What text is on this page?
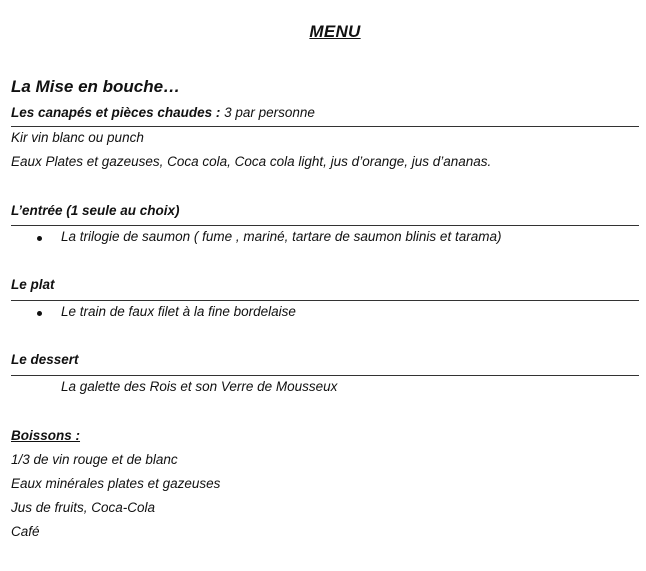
MENU
La Mise en bouche…
Les canapés et pièces chaudes : 3 par personne
Kir vin blanc ou punch
Eaux Plates et gazeuses, Coca cola, Coca cola light, jus d’orange, jus d’ananas.
L’entrée (1 seule au choix)
La trilogie de saumon ( fume , mariné, tartare de saumon blinis et tarama)
Le plat
Le train de faux filet à la fine bordelaise
Le dessert
La galette des Rois et son Verre de Mousseux
Boissons :
1/3 de vin rouge et de blanc
Eaux minérales plates et gazeuses
Jus de fruits, Coca-Cola
Café
